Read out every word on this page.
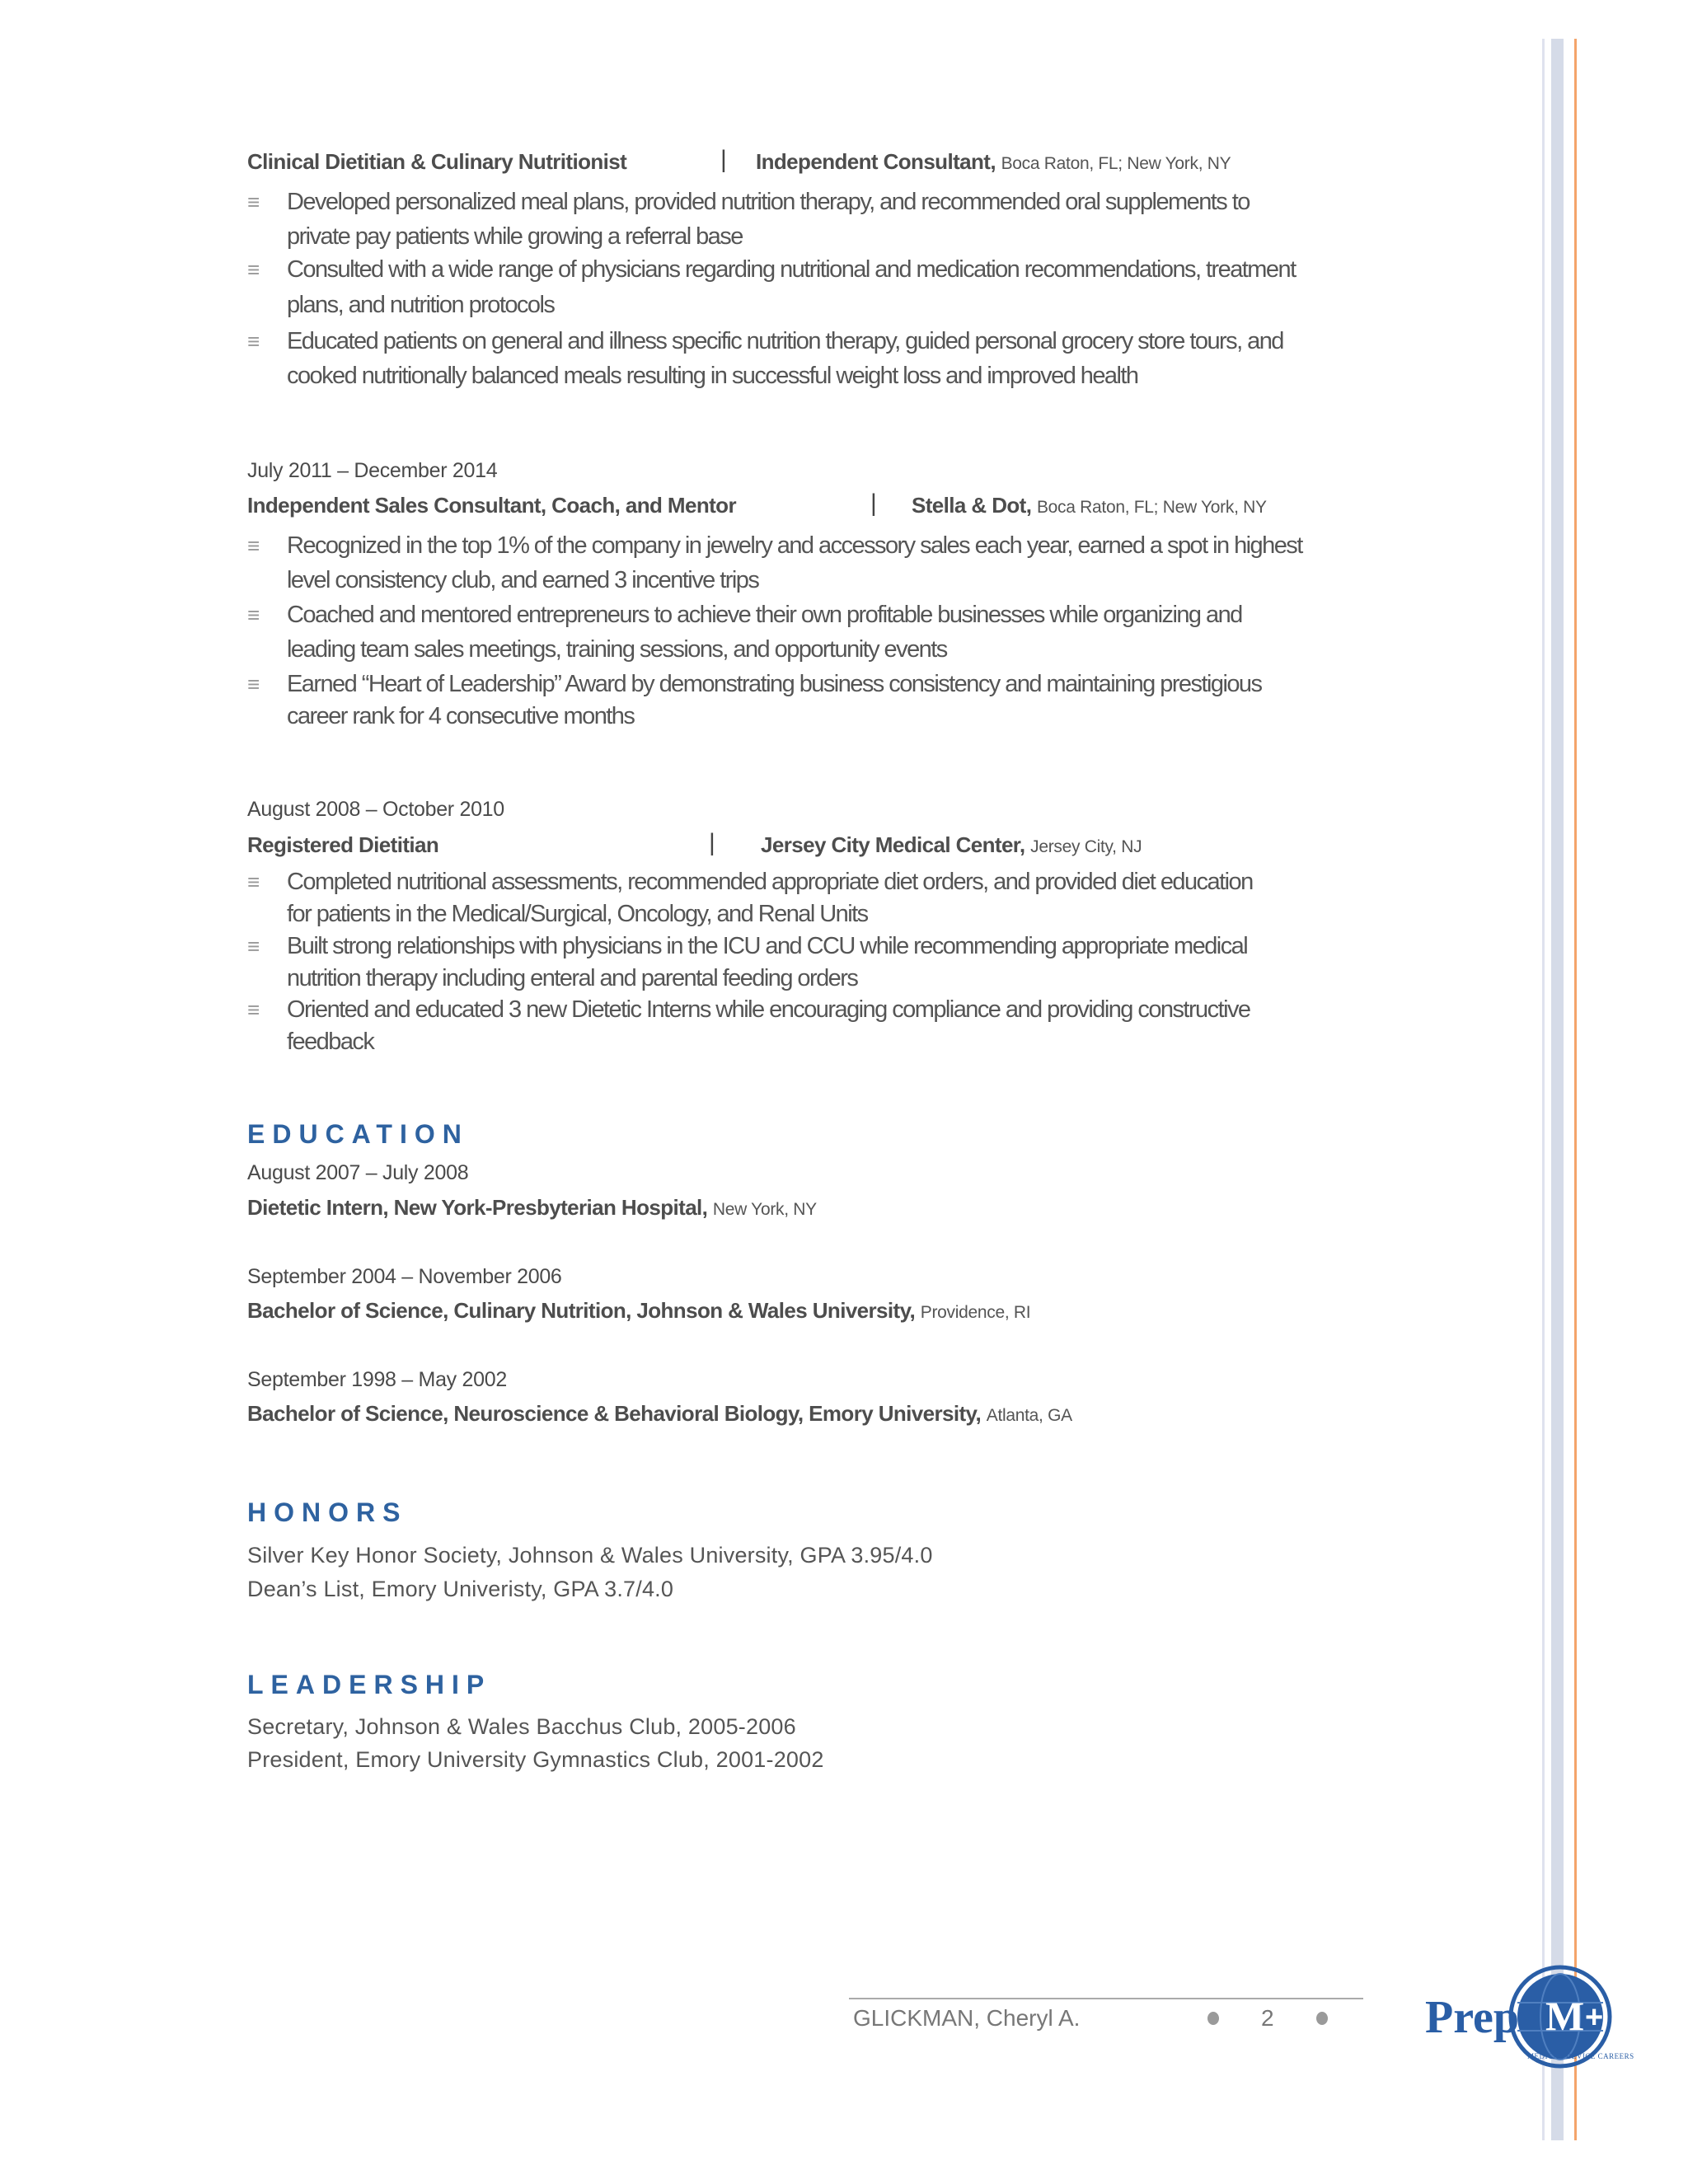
Clinical Dietitian & Culinary Nutritionist	| Independent Consultant, Boca Raton, FL; New York, NY
≡ Developed personalized meal plans, provided nutrition therapy, and recommended oral supplements to
private pay patients while growing a referral base
≡ Consulted with a wide range of physicians regarding nutritional and medication recommendations, treatment
plans, and nutrition protocols
≡ Educated patients on general and illness specific nutrition therapy, guided personal grocery store tours, and
cooked nutritionally balanced meals resulting in successful weight loss and improved health
July 2011 – December 2014
Independent Sales Consultant, Coach, and Mentor	| Stella & Dot, Boca Raton, FL; New York, NY
≡ Recognized in the top 1% of the company in jewelry and accessory sales each year, earned a spot in highest
level consistency club, and earned 3 incentive trips
≡ Coached and mentored entrepreneurs to achieve their own profitable businesses while organizing and
leading team sales meetings, training sessions, and opportunity events
≡ Earned “Heart of Leadership” Award by demonstrating business consistency and maintaining prestigious
career rank for 4 consecutive months
August 2008 – October 2010
Registered Dietitian	| Jersey City Medical Center, Jersey City, NJ
≡ Completed nutritional assessments, recommended appropriate diet orders, and provided diet education
for patients in the Medical/Surgical, Oncology, and Renal Units
≡ Built strong relationships with physicians in the ICU and CCU while recommending appropriate medical
nutrition therapy including enteral and parental feeding orders
≡ Oriented and educated 3 new Dietetic Interns while encouraging compliance and providing constructive
feedback
EDUCATION
August 2007 – July 2008
Dietetic Intern, New York-Presbyterian Hospital, New York, NY
September 2004 – November 2006
Bachelor of Science, Culinary Nutrition, Johnson & Wales University, Providence, RI
September 1998 – May 2002
Bachelor of Science, Neuroscience & Behavioral Biology, Emory University, Atlanta, GA
HONORS
Silver Key Honor Society, Johnson & Wales University, GPA 3.95/4.0
Dean’s List, Emory Univeristy, GPA 3.7/4.0
LEADERSHIP
Secretary, Johnson & Wales Bacchus Club, 2005-2006
President, Emory University Gymnastics Club, 2001-2002
GLICKMAN, Cheryl A.	2	M +
Prep
MEDICAL DEVICE CAREERS
